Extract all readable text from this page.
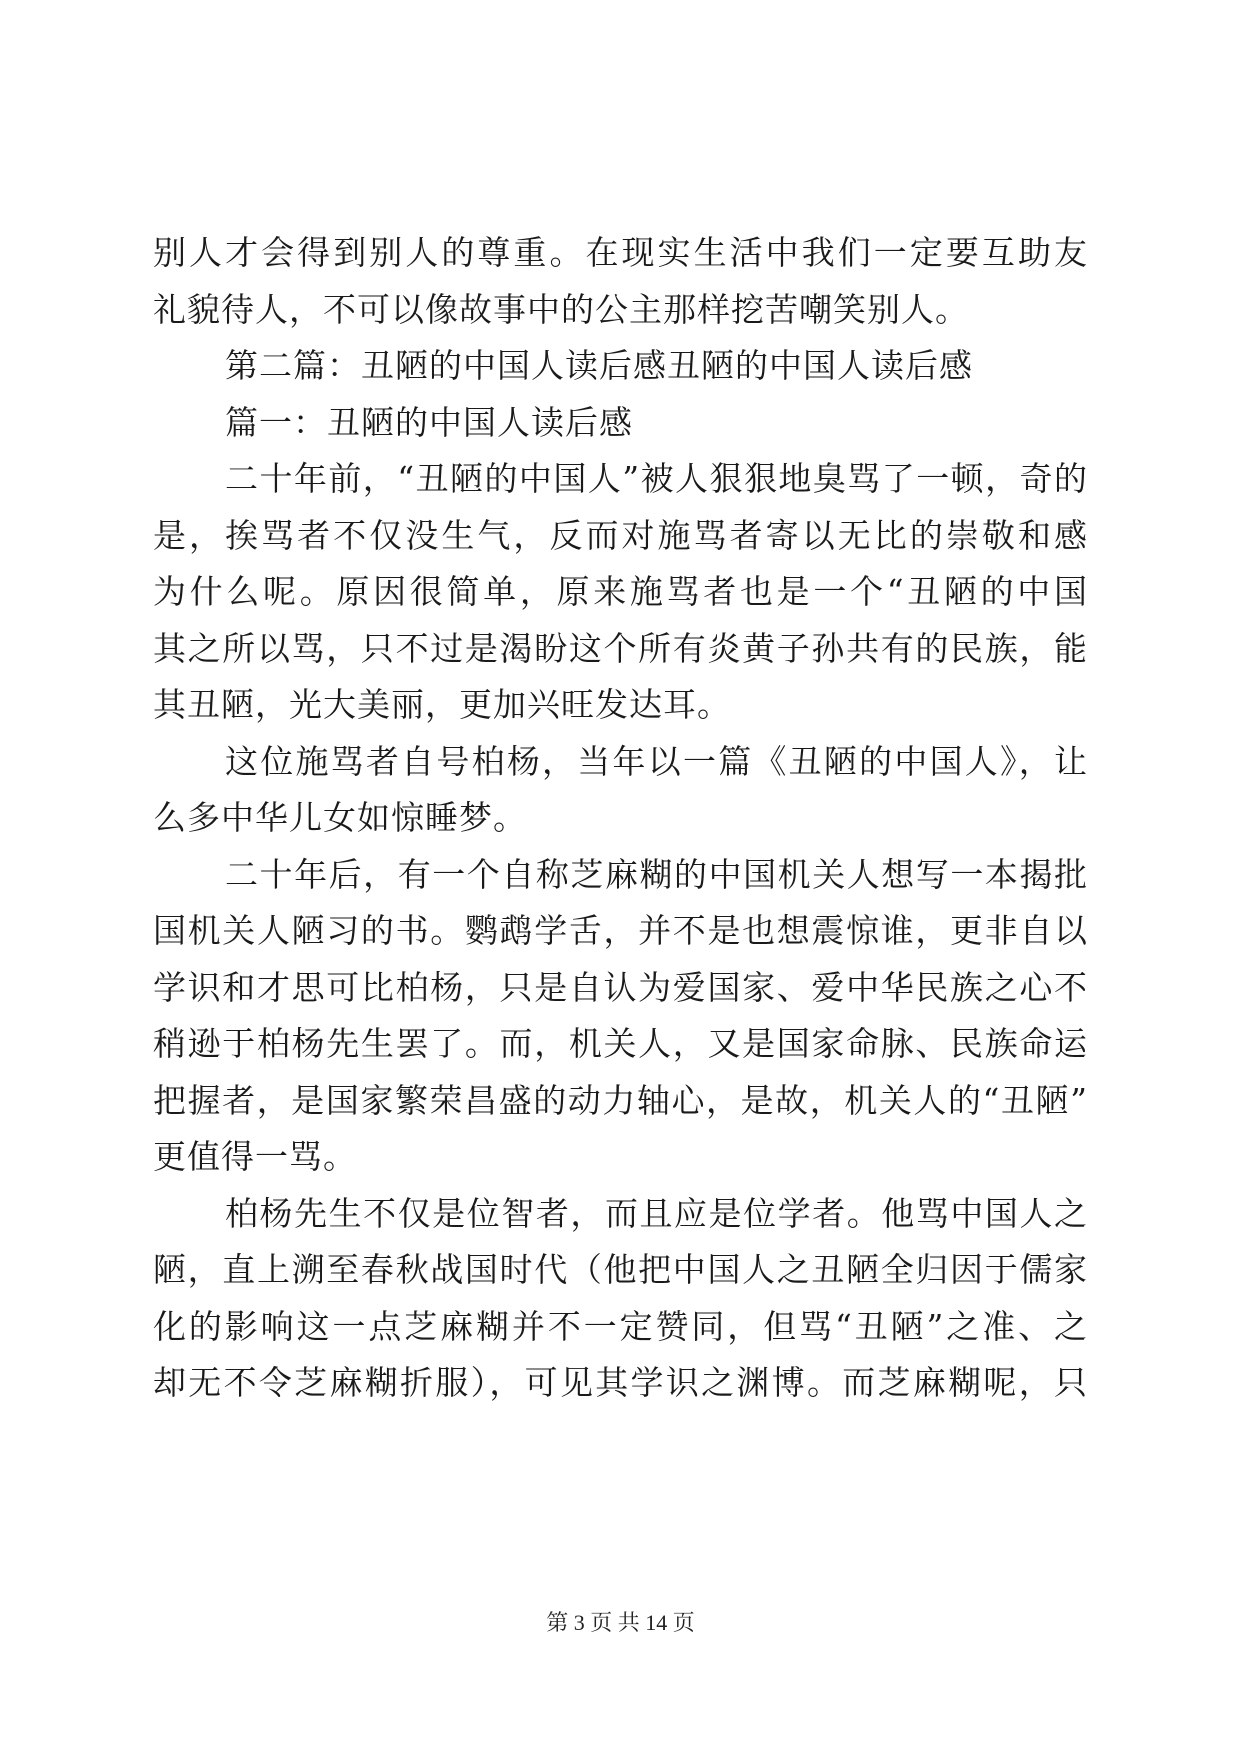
别人才会得到别人的尊重。在现实生活中我们一定要互助友
礼貌待人，不可以像故事中的公主那样挖苦嘲笑别人。
第二篇：丑陋的中国人读后感丑陋的中国人读后感
篇一：丑陋的中国人读后感
二十年前，“丑陋的中国人”被人狠狠地臭骂了一顿，奇的
是，挨骂者不仅没生气，反而对施骂者寄以无比的崇敬和感
为什么呢。原因很简单，原来施骂者也是一个“丑陋的中国
其之所以骂，只不过是渴盼这个所有炎黄子孙共有的民族，能
其丑陋，光大美丽，更加兴旺发达耳。
这位施骂者自号柏杨，当年以一篇《丑陋的中国人》，让
么多中华儿女如惊睡梦。
二十年后，有一个自称芝麻糊的中国机关人想写一本揭批
国机关人陋习的书。鹦鹉学舌，并不是也想震惊谁，更非自以
学识和才思可比柏杨，只是自认为爱国家、爱中华民族之心不
稍逊于柏杨先生罢了。而，机关人，又是国家命脉、民族命运
把握者，是国家繁荣昌盛的动力轴心，是故，机关人的“丑陋”
更值得一骂。
柏杨先生不仅是位智者，而且应是位学者。他骂中国人之
陋，直上溯至春秋战国时代（他把中国人之丑陋全归因于儒家
化的影响这一点芝麻糊并不一定赞同，但骂“丑陋”之准、之
却无不令芝麻糊折服），可见其学识之渊博。而芝麻糊呢，只
第 3 页 共 14 页
